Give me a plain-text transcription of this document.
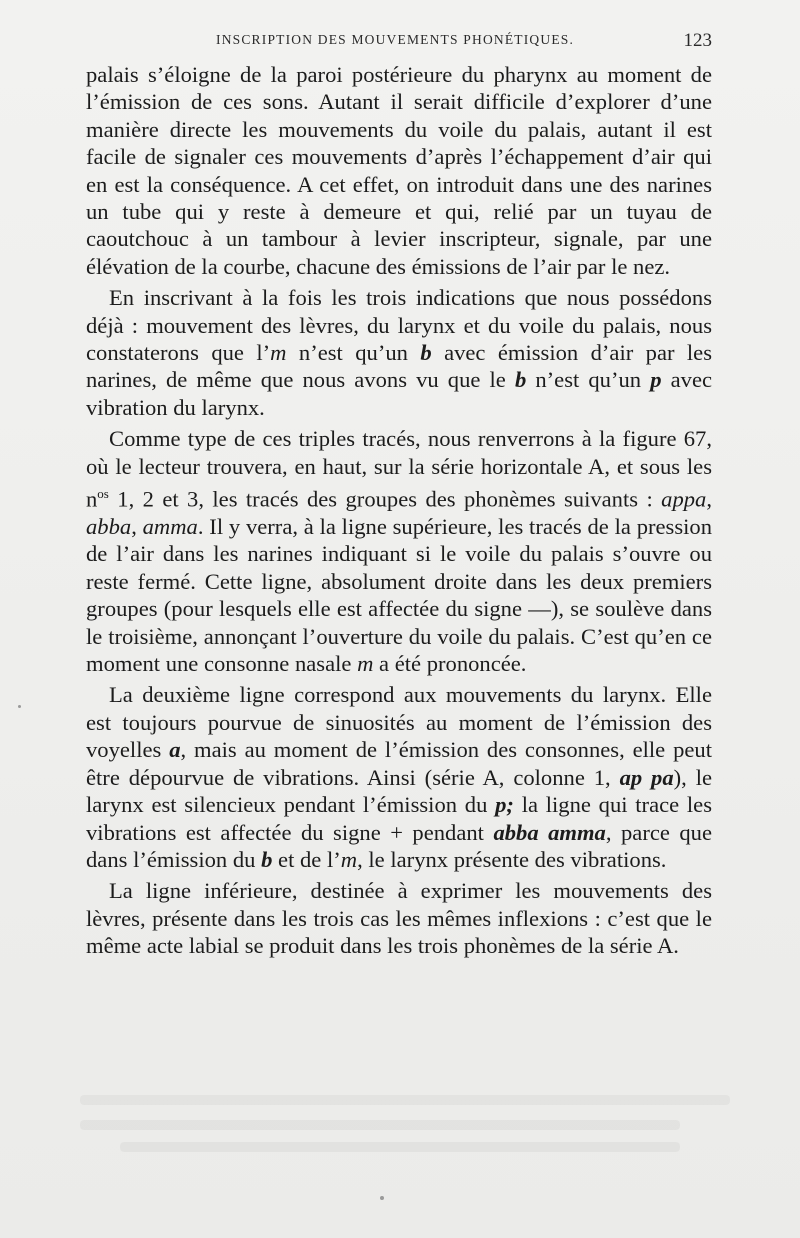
INSCRIPTION DES MOUVEMENTS PHONÉTIQUES.	123

palais s’éloigne de la paroi postérieure du pharynx au moment de l’émission de ces sons. Autant il serait difficile d’explorer d’une manière directe les mouvements du voile du palais, autant il est facile de signaler ces mouvements d’après l’échappement d’air qui en est la conséquence. A cet effet, on introduit dans une des narines un tube qui y reste à demeure et qui, relié par un tuyau de caoutchouc à un tambour à levier inscripteur, signale, par une élévation de la courbe, chacune des émissions de l’air par le nez.

En inscrivant à la fois les trois indications que nous possédons déjà : mouvement des lèvres, du larynx et du voile du palais, nous constaterons que l’m n’est qu’un b avec émission d’air par les narines, de même que nous avons vu que le b n’est qu’un p avec vibration du larynx.

Comme type de ces triples tracés, nous renverrons à la figure 67, où le lecteur trouvera, en haut, sur la série horizontale A, et sous les $n^{os}$ 1, 2 et 3, les tracés des groupes des phonèmes suivants : appa, abba, amma. Il y verra, à la ligne supérieure, les tracés de la pression de l’air dans les narines indiquant si le voile du palais s’ouvre ou reste fermé. Cette ligne, absolument droite dans les deux premiers groupes (pour lesquels elle est affectée du signe —), se soulève dans le troisième, annonçant l’ouverture du voile du palais. C’est qu’en ce moment une consonne nasale m a été prononcée.

La deuxième ligne correspond aux mouvements du larynx. Elle est toujours pourvue de sinuosités au moment de l’émission des voyelles a, mais au moment de l’émission des consonnes, elle peut être dépourvue de vibrations. Ainsi (série A, colonne 1, ap pa), le larynx est silencieux pendant l’émission du p; la ligne qui trace les vibrations est affectée du signe + pendant abba amma, parce que dans l’émission du b et de l’m, le larynx présente des vibrations.

La ligne inférieure, destinée à exprimer les mouvements des lèvres, présente dans les trois cas les mêmes inflexions : c’est que le même acte labial se produit dans les trois phonèmes de la série A.
